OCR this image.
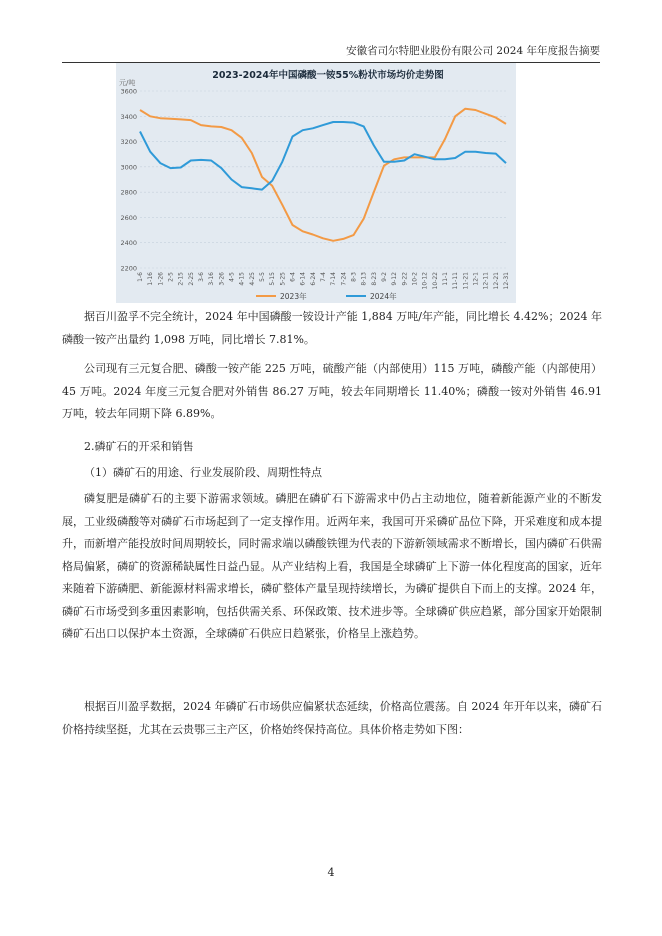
安徽省司尔特肥业股份有限公司 2024 年年度报告摘要
2023-2024年中国磷酸一铵55%粉状市场均价走势图
元/吨
2200
2400
2600
2800
3000
3200
3400
3600
1-6 1-16 1-26 2-5 2-15 2-25 3-6 3-16 3-26 4-5 4-15 4-25 5-5 5-15 5-25 6-4 6-14 6-24 7-4 7-14 7-24 8-3 8-13 8-23 9-2 9-12 9-22 10-2 10-12 10-22 11-1 11-11 11-21 12-1 12-11 12-21 12-31
2023年	2024年

据百川盈孚不完全统计，2024 年中国磷酸一铵设计产能 1,884 万吨/年产能，同比增长 4.42%；2024 年磷酸一铵产出量约 1,098 万吨，同比增长 7.81%。

公司现有三元复合肥、磷酸一铵产能 225 万吨，硫酸产能（内部使用）115 万吨，磷酸产能（内部使用）45 万吨。2024 年度三元复合肥对外销售 86.27 万吨，较去年同期增长 11.40%；磷酸一铵对外销售 46.91 万吨，较去年同期下降 6.89%。

2.磷矿石的开采和销售

（1）磷矿石的用途、行业发展阶段、周期性特点

磷复肥是磷矿石的主要下游需求领域。磷肥在磷矿石下游需求中仍占主动地位，随着新能源产业的不断发展，工业级磷酸等对磷矿石市场起到了一定支撑作用。近两年来，我国可开采磷矿品位下降，开采难度和成本提升，而新增产能投放时间周期较长，同时需求端以磷酸铁锂为代表的下游新领域需求不断增长，国内磷矿石供需格局偏紧，磷矿的资源稀缺属性日益凸显。从产业结构上看，我国是全球磷矿上下游一体化程度高的国家，近年来随着下游磷肥、新能源材料需求增长，磷矿整体产量呈现持续增长，为磷矿提供自下而上的支撑。2024 年，磷矿石市场受到多重因素影响，包括供需关系、环保政策、技术进步等。全球磷矿供应趋紧，部分国家开始限制磷矿石出口以保护本土资源，全球磷矿石供应日趋紧张，价格呈上涨趋势。

根据百川盈孚数据，2024 年磷矿石市场供应偏紧状态延续，价格高位震荡。自 2024 年开年以来，磷矿石价格持续坚挺，尤其在云贵鄂三主产区，价格始终保持高位。具体价格走势如下图：

4
